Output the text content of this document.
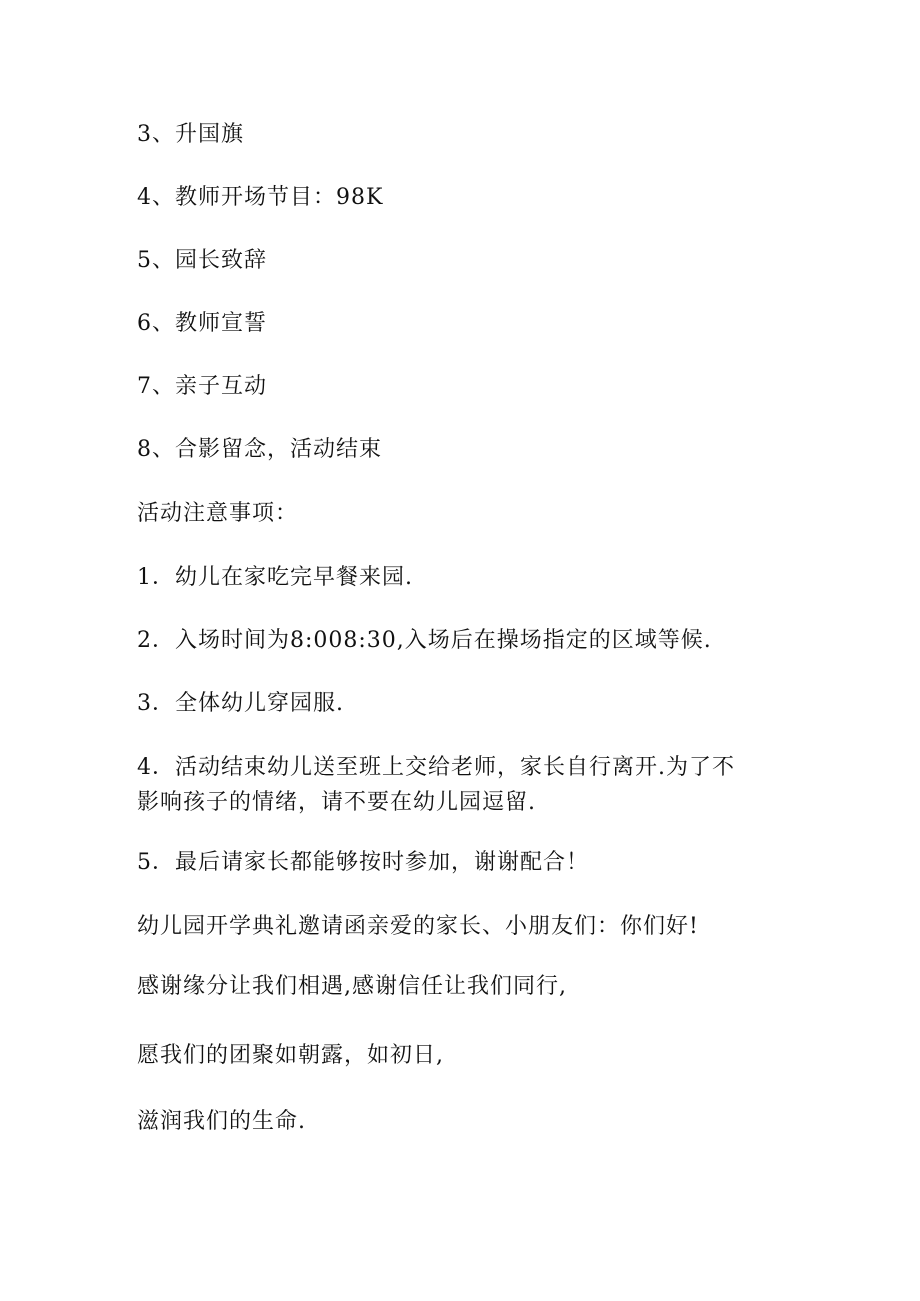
3、升国旗
4、教师开场节目：98K
5、园长致辞
6、教师宣誓
7、亲子互动
8、合影留念，活动结束
活动注意事项：
1．幼儿在家吃完早餐来园.
2．入场时间为8:008:30,入场后在操场指定的区域等候.
3．全体幼儿穿园服.
4．活动结束幼儿送至班上交给老师，家长自行离开.为了不影响孩子的情绪，请不要在幼儿园逗留.
5．最后请家长都能够按时参加，谢谢配合！
幼儿园开学典礼邀请函亲爱的家长、小朋友们：你们好!
感谢缘分让我们相遇,感谢信任让我们同行,
愿我们的团聚如朝露，如初日,
滋润我们的生命.
